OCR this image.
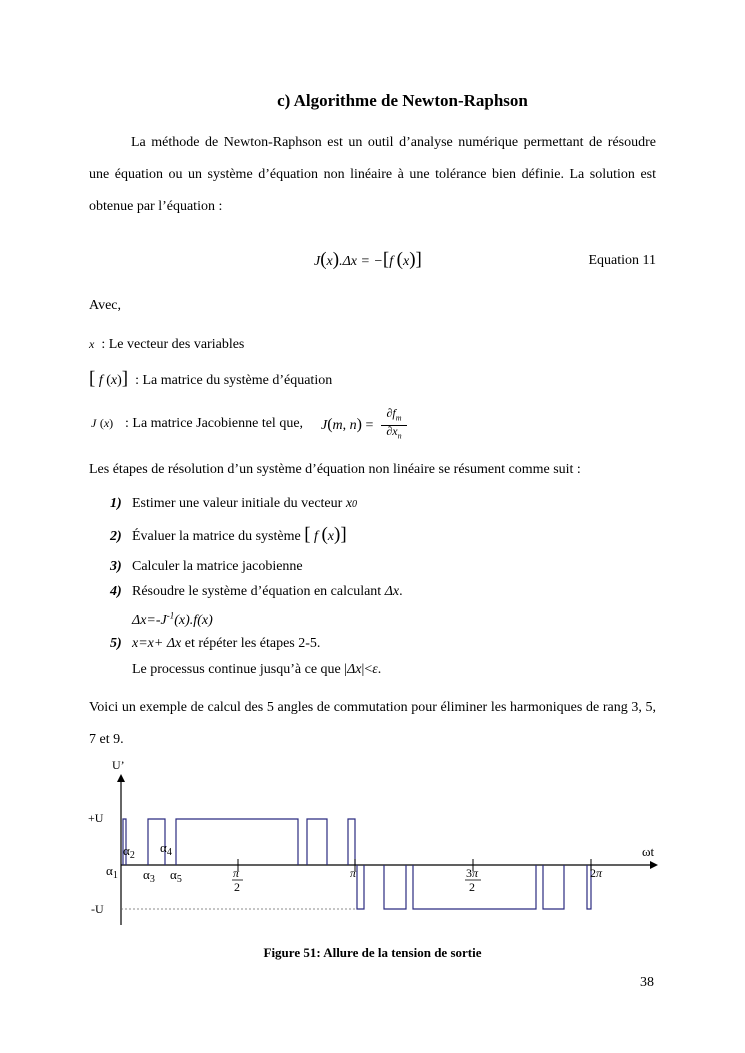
c) Algorithme de Newton-Raphson
La méthode de Newton-Raphson est un outil d’analyse numérique permettant de résoudre une équation ou un système d’équation non linéaire à une tolérance bien définie. La solution est obtenue par l’équation :
J(x).Δx = −[f (x)]	Equation 11
Avec,
x : Le vecteur des variables
[ f (x)] : La matrice du système d’équation
J (x) : La matrice Jacobienne tel que, J(m, n) =
$\partial f_m$
$\partial x_n$
Les étapes de résolution d’un système d’équation non linéaire se résument comme suit :
1) Estimer une valeur initiale du vecteur x0
2) Évaluer la matrice du système [ f (x)]
3) Calculer la matrice jacobienne
4) Résoudre le système d’équation en calculant Δx.
$\Delta x=-J^{-1}(x).f(x)$
5) x=x+ Δx et répéter les étapes 2-5.
Le processus continue jusqu’à ce que |Δx|<ε.
Voici un exemple de calcul des 5 angles de commutation pour éliminer les harmoniques de rang 3, 5, 7 et 9.
U’
ωt
+U
-U
$\alpha_1$
$\alpha_2$
$\alpha_3$
$\alpha_4$
$\alpha_5$	π
2
π	3π
2
2π
Figure 51: Allure de la tension de sortie
38
